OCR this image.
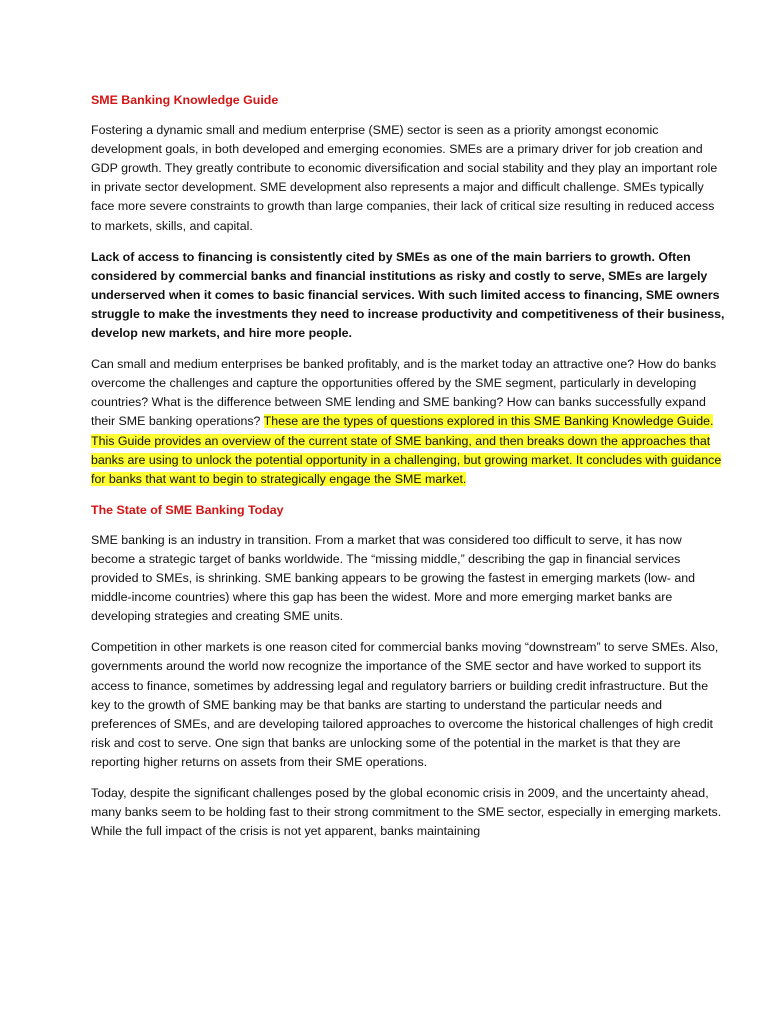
SME Banking Knowledge Guide

Fostering a dynamic small and medium enterprise (SME) sector is seen as a priority amongst economic development goals, in both developed and emerging economies. SMEs are a primary driver for job creation and GDP growth. They greatly contribute to economic diversification and social stability and they play an important role in private sector development. SME development also represents a major and difficult challenge. SMEs typically face more severe constraints to growth than large companies, their lack of critical size resulting in reduced access to markets, skills, and capital.

Lack of access to financing is consistently cited by SMEs as one of the main barriers to growth. Often considered by commercial banks and financial institutions as risky and costly to serve, SMEs are largely underserved when it comes to basic financial services. With such limited access to financing, SME owners struggle to make the investments they need to increase productivity and competitiveness of their business, develop new markets, and hire more people.

Can small and medium enterprises be banked profitably, and is the market today an attractive one? How do banks overcome the challenges and capture the opportunities offered by the SME segment, particularly in developing countries? What is the difference between SME lending and SME banking? How can banks successfully expand their SME banking operations? These are the types of questions explored in this SME Banking Knowledge Guide. This Guide provides an overview of the current state of SME banking, and then breaks down the approaches that banks are using to unlock the potential opportunity in a challenging, but growing market. It concludes with guidance for banks that want to begin to strategically engage the SME market.

The State of SME Banking Today

SME banking is an industry in transition. From a market that was considered too difficult to serve, it has now become a strategic target of banks worldwide. The “missing middle,” describing the gap in financial services provided to SMEs, is shrinking. SME banking appears to be growing the fastest in emerging markets (low- and middle-income countries) where this gap has been the widest. More and more emerging market banks are developing strategies and creating SME units.

Competition in other markets is one reason cited for commercial banks moving “downstream” to serve SMEs. Also, governments around the world now recognize the importance of the SME sector and have worked to support its access to finance, sometimes by addressing legal and regulatory barriers or building credit infrastructure. But the key to the growth of SME banking may be that banks are starting to understand the particular needs and preferences of SMEs, and are developing tailored approaches to overcome the historical challenges of high credit risk and cost to serve. One sign that banks are unlocking some of the potential in the market is that they are reporting higher returns on assets from their SME operations.

Today, despite the significant challenges posed by the global economic crisis in 2009, and the uncertainty ahead, many banks seem to be holding fast to their strong commitment to the SME sector, especially in emerging markets. While the full impact of the crisis is not yet apparent, banks maintaining
